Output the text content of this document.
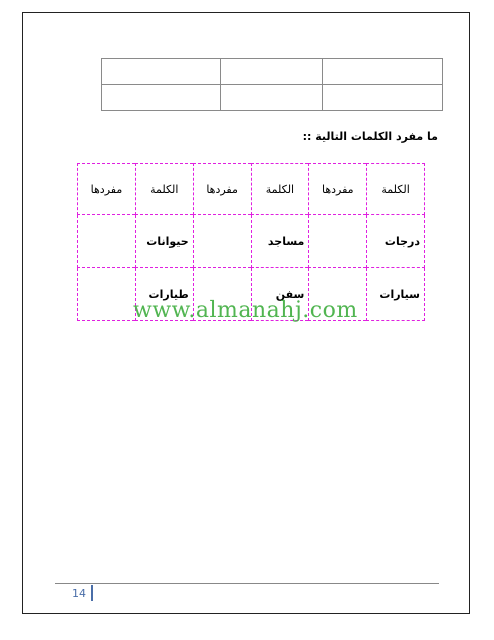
ما مفرد الكلمات التالية ::
الكلمة	مفردها	الكلمة	مفردها	الكلمة	مفردها
درجات		مساجد		حيوانات	
سيارات		سفن		طيارات	
www.almanahj.com
14
